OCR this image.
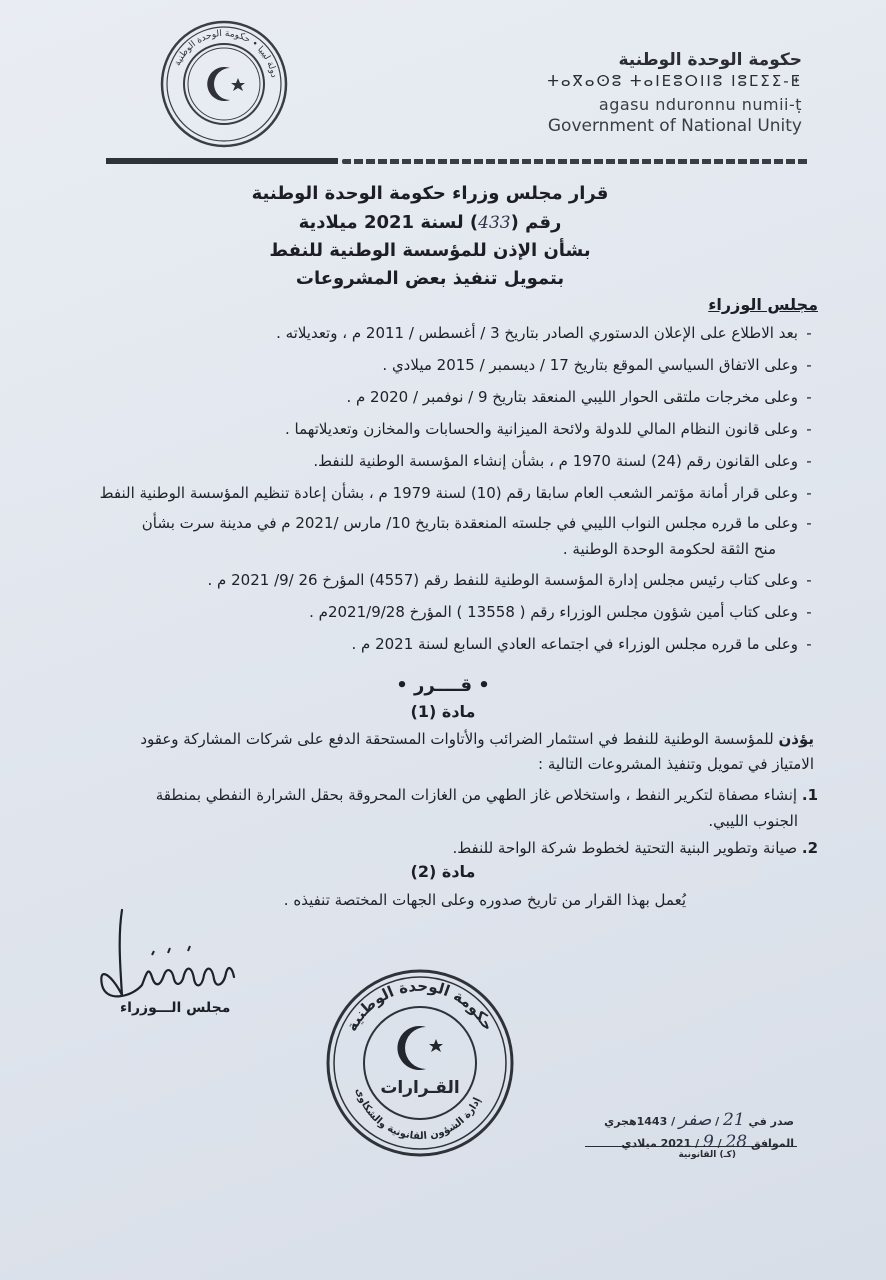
حكومة الوحدة الوطنية
ⵜⴰⴳⴰⵙⵓ ⵜⴰⵏⴹⵓⵔⵏⵏⵓ ⵏⵓⵎⵉⵉ-ⵟ
agasu nduronnu numii-ṭ
Government of National Unity
دولة ليبيا • حكومة الوحدة الوطنية
قرار مجلس وزراء حكومة الوحدة الوطنية
رقم (433) لسنة 2021 ميلادية
بشأن الإذن للمؤسسة الوطنية للنفط
بتمويل تنفيذ بعض المشروعات
مجلس الوزراء
-بعد الاطلاع على الإعلان الدستوري الصادر بتاريخ 3 / أغسطس / 2011 م ، وتعديلاته .
-وعلى الاتفاق السياسي الموقع بتاريخ 17 / ديسمبر / 2015 ميلادي .
-وعلى مخرجات ملتقى الحوار الليبي المنعقد بتاريخ 9 / نوفمبر / 2020 م .
-وعلى قانون النظام المالي للدولة ولائحة الميزانية والحسابات والمخازن وتعديلاتهما .
-وعلى القانون رقم (24) لسنة 1970 م ، بشأن إنشاء المؤسسة الوطنية للنفط.
-وعلى قرار أمانة مؤتمر الشعب العام سابقا رقم (10) لسنة 1979 م ، بشأن إعادة تنظيم المؤسسة الوطنية النفط
-وعلى ما قرره مجلس النواب الليبي في جلسته المنعقدة بتاريخ 10/ مارس /2021 م في مدينة سرت بشأن
منح الثقة لحكومة الوحدة الوطنية .
-وعلى كتاب رئيس مجلس إدارة المؤسسة الوطنية للنفط رقم (4557) المؤرخ 26 /9/ 2021 م .
-وعلى كتاب أمين شؤون مجلس الوزراء رقم ( 13558 ) المؤرخ 2021/9/28م .
-وعلى ما قرره مجلس الوزراء في اجتماعه العادي السابع لسنة 2021 م .
• قــــرر •
مادة (1)
يؤذن للمؤسسة الوطنية للنفط في استثمار الضرائب والأتاوات المستحقة الدفع على شركات المشاركة وعقود
الامتياز في تمويل وتنفيذ المشروعات التالية :
1. إنشاء مصفاة لتكرير النفط ، واستخلاص غاز الطهي من الغازات المحروقة بحقل الشرارة النفطي بمنطقة
الجنوب الليبي.
2. صيانة وتطوير البنية التحتية لخطوط شركة الواحة للنفط.
مادة (2)
يُعمل بهذا القرار من تاريخ صدوره وعلى الجهات المختصة تنفيذه .
مجلس الـــوزراء
حكومة الوحدة الوطنية
إدارة الشؤون القانونية والشكاوى
القـرارات
صدر في 21 / صفر / 1443هجري
الموافق 28 / 9 / 2021 ميلادي
(كـ) القانونية
